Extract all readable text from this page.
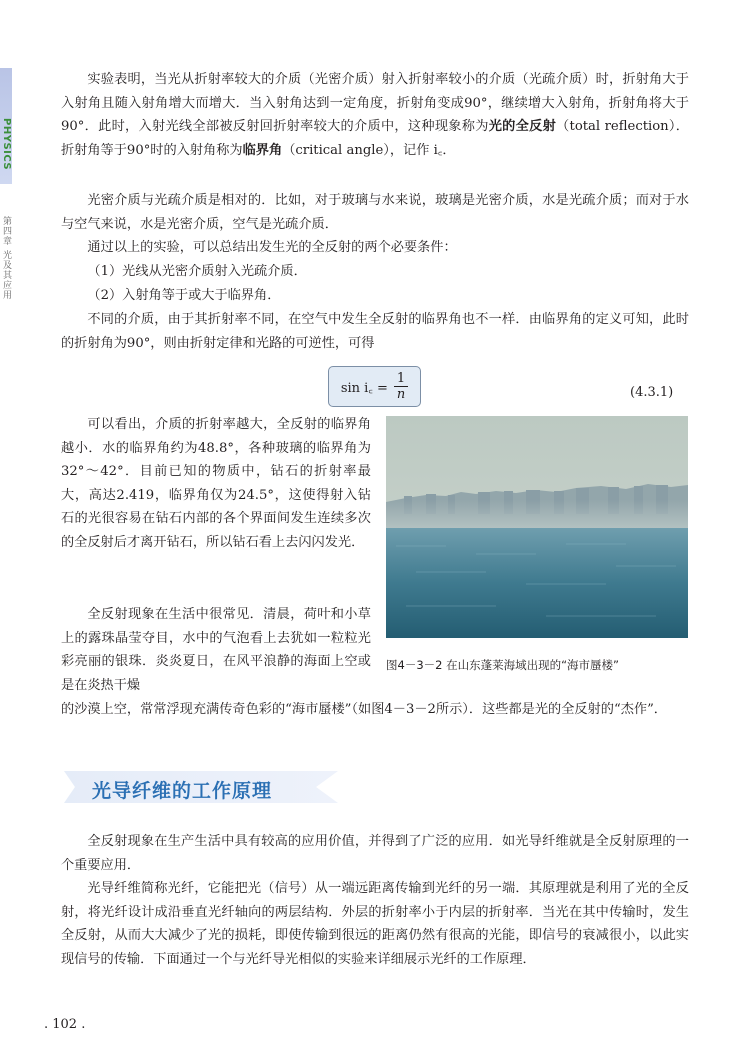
PHYSICS
第四章 光及其应用

实验表明，当光从折射率较大的介质（光密介质）射入折射率较小的介质（光疏介质）时，折射角大于入射角且随入射角增大而增大．当入射角达到一定角度，折射角变成90°，继续增大入射角，折射角将大于90°．此时，入射光线全部被反射回折射率较大的介质中，这种现象称为光的全反射（total reflection）．折射角等于90°时的入射角称为临界角（critical angle），记作 i꜀．

光密介质与光疏介质是相对的．比如，对于玻璃与水来说，玻璃是光密介质，水是光疏介质；而对于水与空气来说，水是光密介质，空气是光疏介质．

通过以上的实验，可以总结出发生光的全反射的两个必要条件：

（1）光线从光密介质射入光疏介质．

（2）入射角等于或大于临界角．

不同的介质，由于其折射率不同，在空气中发生全反射的临界角也不一样．由临界角的定义可知，此时的折射角为90°，则由折射定律和光路的可逆性，可得

sin i꜀ = $\frac{1}{n}$	(4.3.1)

可以看出，介质的折射率越大，全反射的临界角越小．水的临界角约为48.8°，各种玻璃的临界角为32°～42°．目前已知的物质中，钻石的折射率最大，高达2.419，临界角仅为24.5°，这使得射入钻石的光很容易在钻石内部的各个界面间发生连续多次的全反射后才离开钻石，所以钻石看上去闪闪发光．

全反射现象在生活中很常见．清晨，荷叶和小草上的露珠晶莹夺目，水中的气泡看上去犹如一粒粒光彩亮丽的银珠．炎炎夏日，在风平浪静的海面上空或是在炎热干燥

的沙漠上空，常常浮现充满传奇色彩的“海市蜃楼”（如图4－3－2所示）．这些都是光的全反射的“杰作”．

图4－3－2 在山东蓬莱海域出现的“海市蜃楼”
光导纤维的工作原理

全反射现象在生产生活中具有较高的应用价值，并得到了广泛的应用．如光导纤维就是全反射原理的一个重要应用．

光导纤维简称光纤，它能把光（信号）从一端远距离传输到光纤的另一端．其原理就是利用了光的全反射，将光纤设计成沿垂直光纤轴向的两层结构．外层的折射率小于内层的折射率．当光在其中传输时，发生全反射，从而大大减少了光的损耗，即使传输到很远的距离仍然有很高的光能，即信号的衰减很小，以此实现信号的传输．下面通过一个与光纤导光相似的实验来详细展示光纤的工作原理．

. 102 .
